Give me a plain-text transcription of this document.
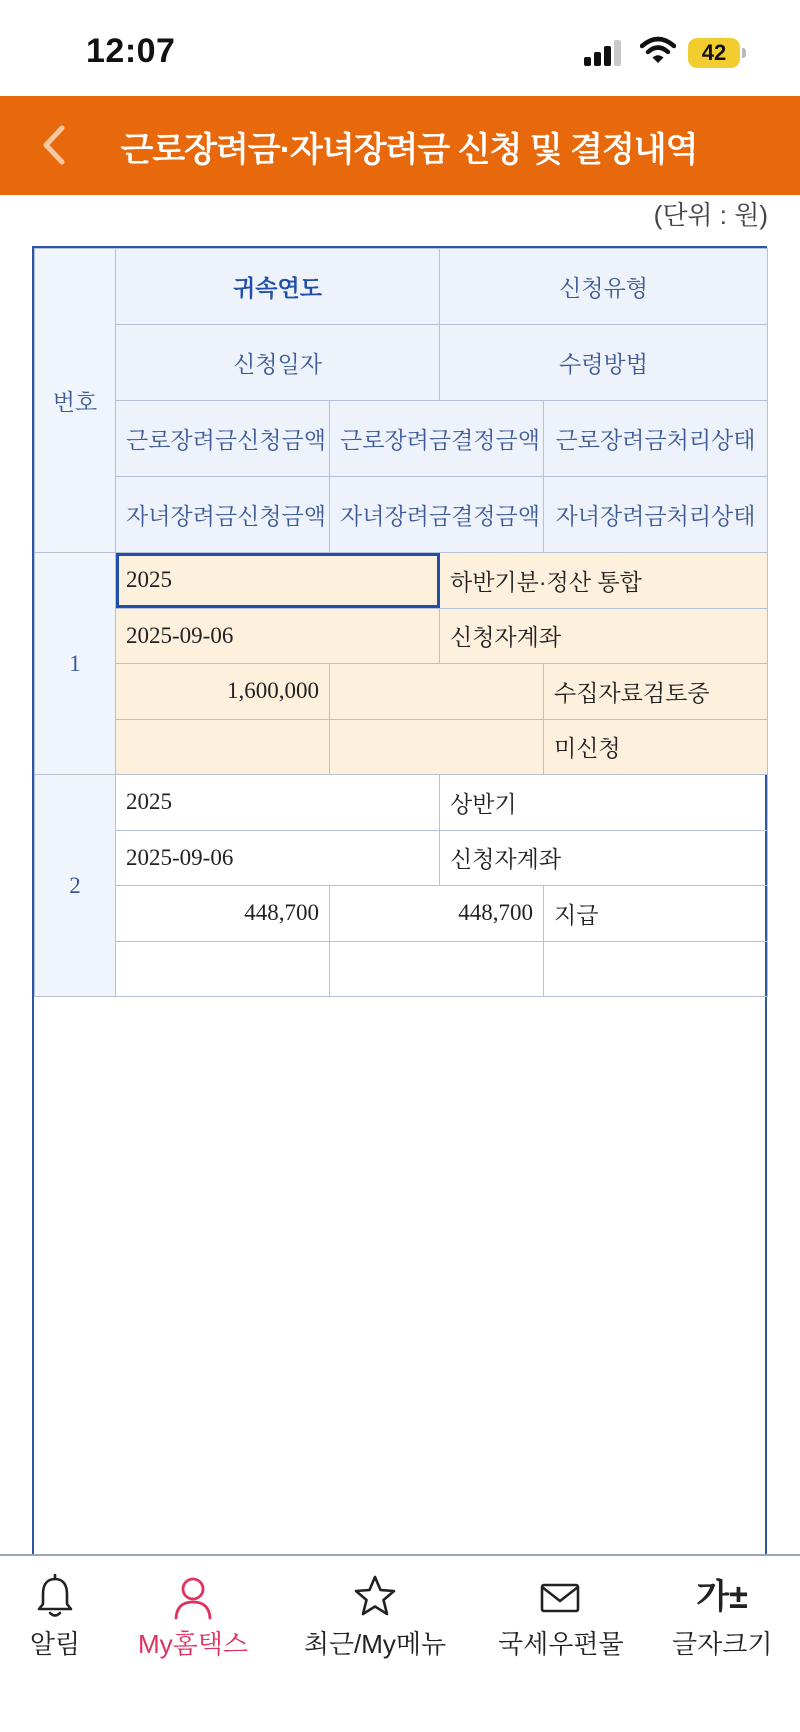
12:07	42
근로장려금·자녀장려금 신청 및 결정내역
(단위 : 원)
번호	귀속연도		신청유형	
	신청일자		수령방법	
	근로장려금신청금액	근로장려금결정금액		근로장려금처리상태
	자녀장려금신청금액	자녀장려금결정금액		자녀장려금처리상태
1	2025		하반기분·정산 통합	
	2025-09-06		신청자계좌	
	1,600,000			수집자료검토중
				미신청
2	2025		상반기	
	2025-09-06		신청자계좌	
	448,700	448,700		지급

알림 My홈택스 최근/My메뉴 국세우편물
가±
글자크기
